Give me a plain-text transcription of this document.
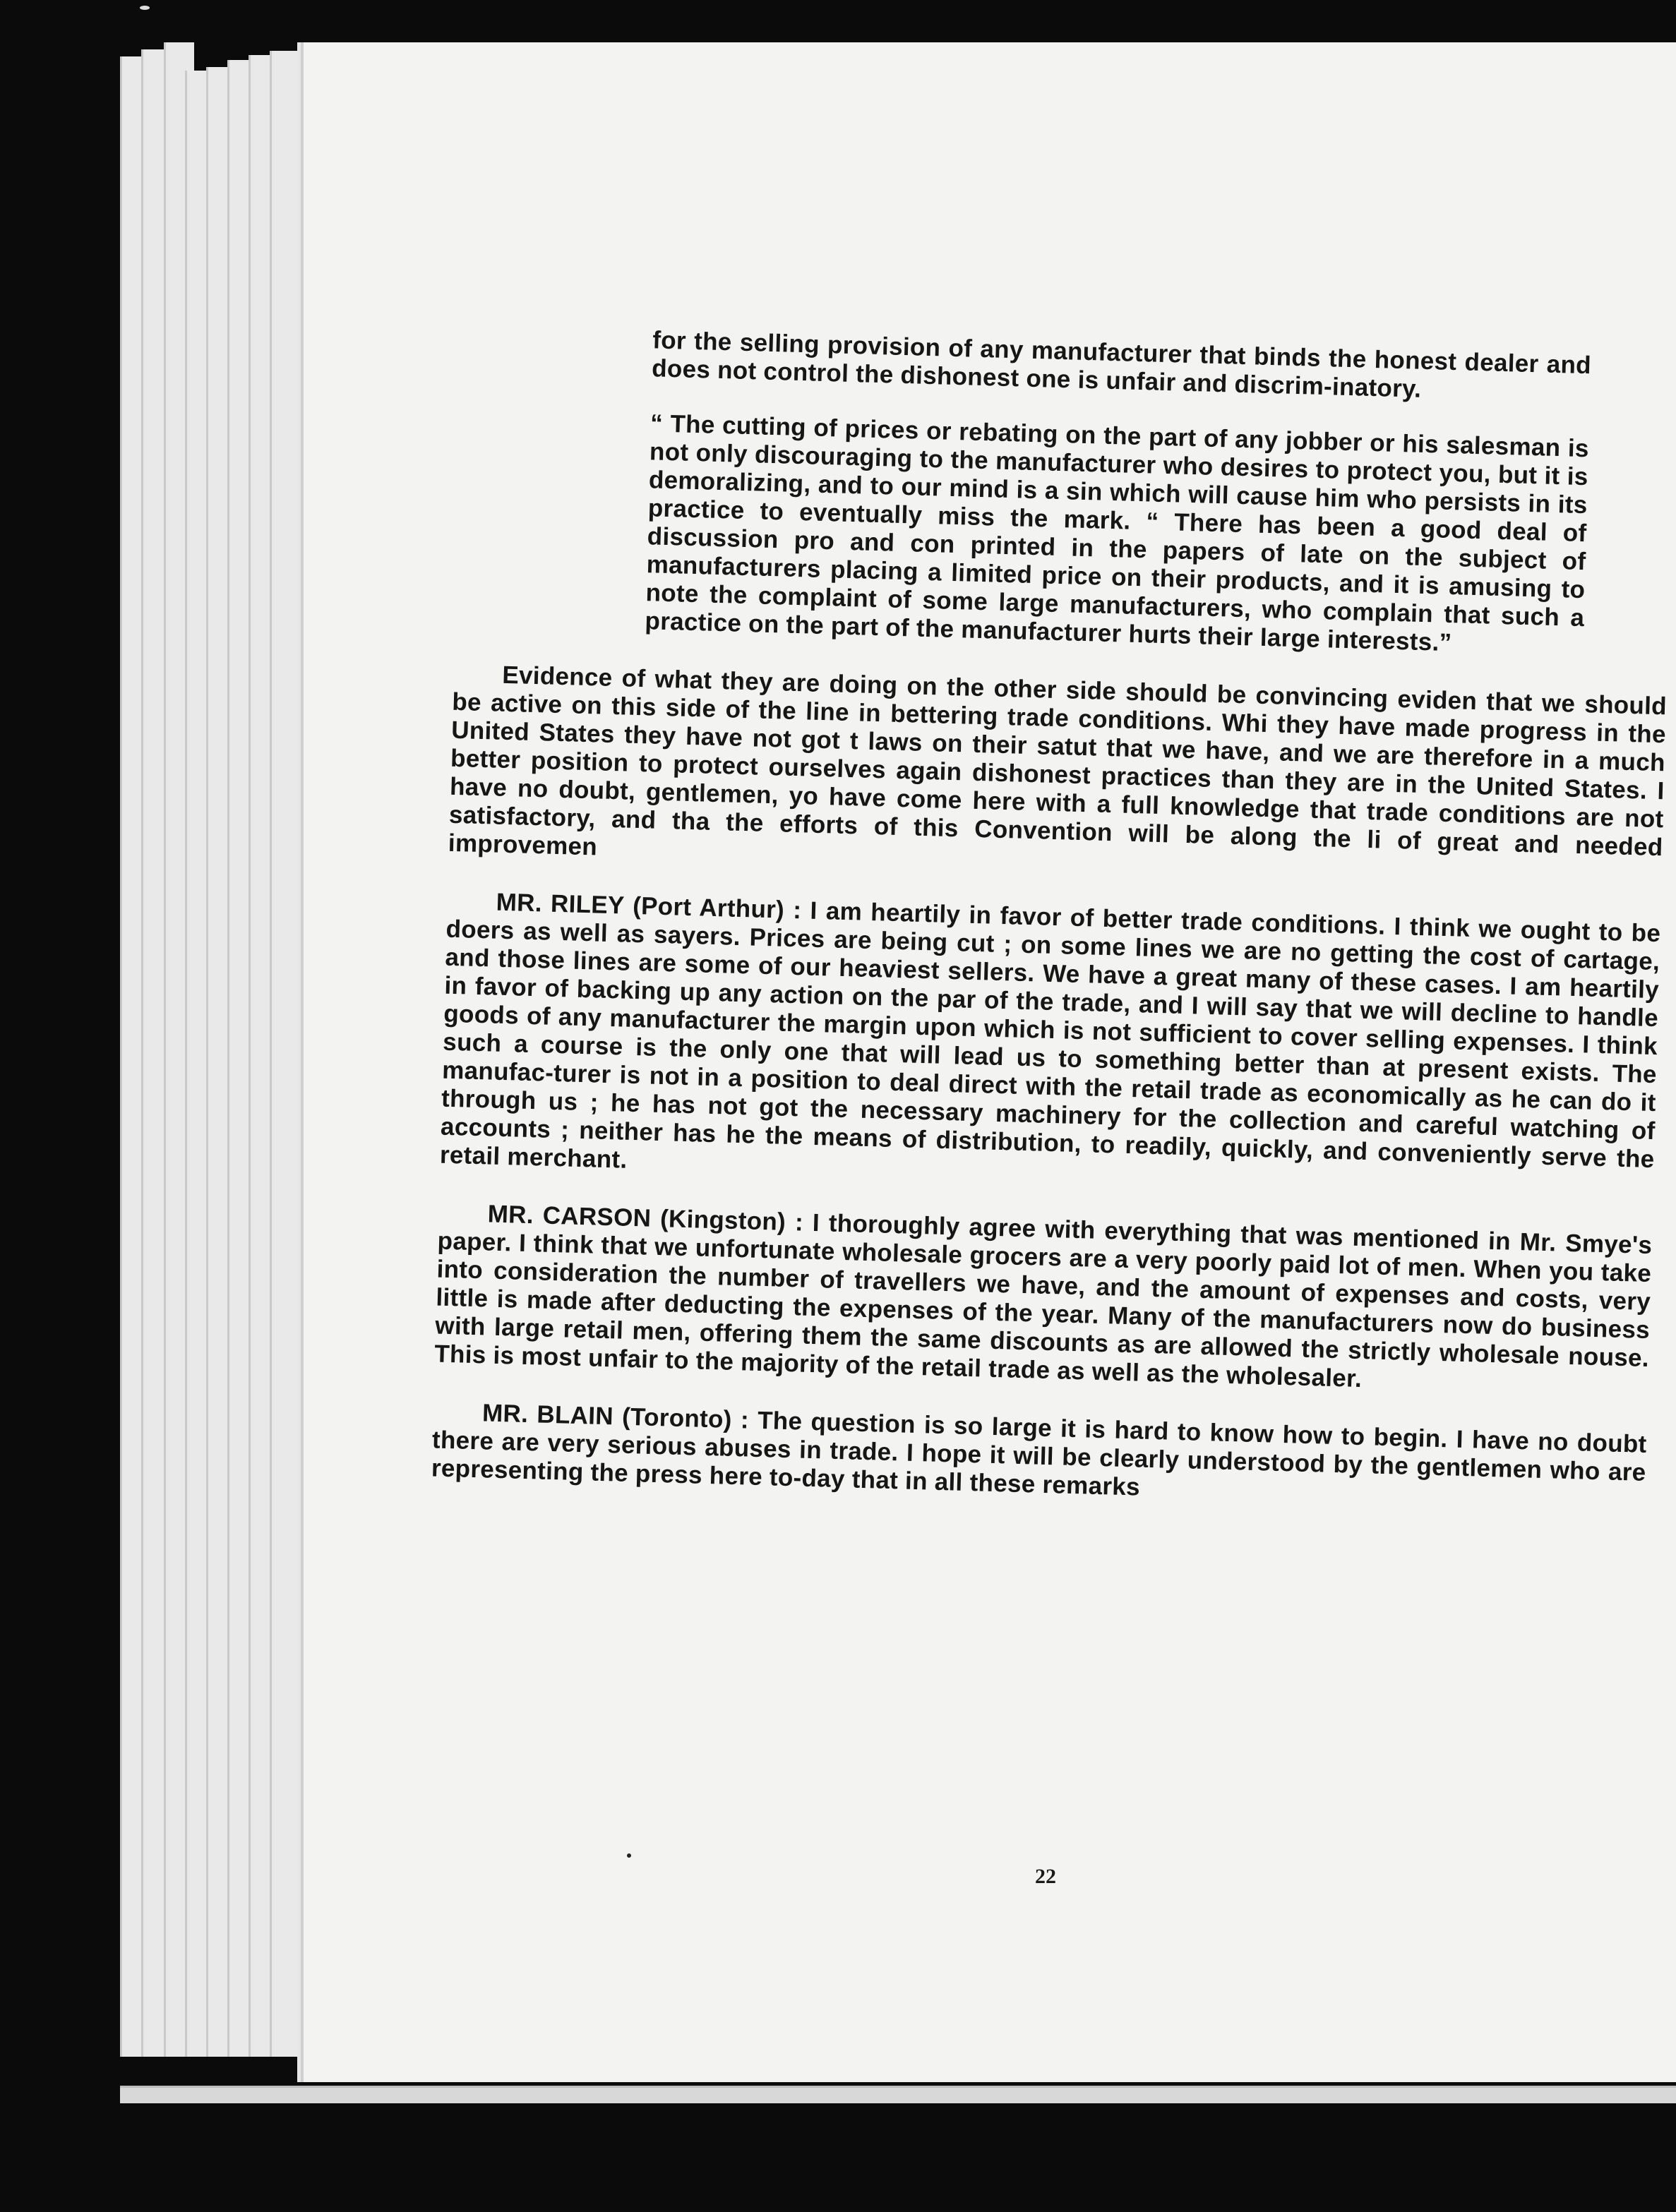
for the selling provision of any manufacturer that binds the honest dealer and does not control the dishonest one is unfair and discrim-inatory.

“ The cutting of prices or rebating on the part of any jobber or his salesman is not only discouraging to the manufacturer who desires to protect you, but it is demoralizing, and to our mind is a sin which will cause him who persists in its practice to eventually miss the mark. “ There has been a good deal of discussion pro and con printed in the papers of late on the subject of manufacturers placing a limited price on their products, and it is amusing to note the complaint of some large manufacturers, who complain that such a practice on the part of the manufacturer hurts their large interests.”

Evidence of what they are doing on the other side should be convincing eviden that we should be active on this side of the line in bettering trade conditions. Whi they have made progress in the United States they have not got t laws on their satut that we have, and we are therefore in a much better position to protect ourselves again dishonest practices than they are in the United States. I have no doubt, gentlemen, yo have come here with a full knowledge that trade conditions are not satisfactory, and tha the efforts of this Convention will be along the li of great and needed improvemen

MR. RILEY (Port Arthur) : I am heartily in favor of better trade conditions. I think we ought to be doers as well as sayers. Prices are being cut ; on some lines we are no getting the cost of cartage, and those lines are some of our heaviest sellers. We have a great many of these cases. I am heartily in favor of backing up any action on the par of the trade, and I will say that we will decline to handle goods of any manufacturer the margin upon which is not sufficient to cover selling expenses. I think such a course is the only one that will lead us to something better than at present exists. The manufac-turer is not in a position to deal direct with the retail trade as economically as he can do it through us ; he has not got the necessary machinery for the collection and careful watching of accounts ; neither has he the means of distribution, to readily, quickly, and conveniently serve the retail merchant.

MR. CARSON (Kingston) : I thoroughly agree with everything that was mentioned in Mr. Smye's paper. I think that we unfortunate wholesale grocers are a very poorly paid lot of men. When you take into consideration the number of travellers we have, and the amount of expenses and costs, very little is made after deducting the expenses of the year. Many of the manufacturers now do business with large retail men, offering them the same discounts as are allowed the strictly wholesale nouse. This is most unfair to the majority of the retail trade as well as the wholesaler.

MR. BLAIN (Toronto) : The question is so large it is hard to know how to begin. I have no doubt there are very serious abuses in trade. I hope it will be clearly understood by the gentlemen who are representing the press here to-day that in all these remarks

22
